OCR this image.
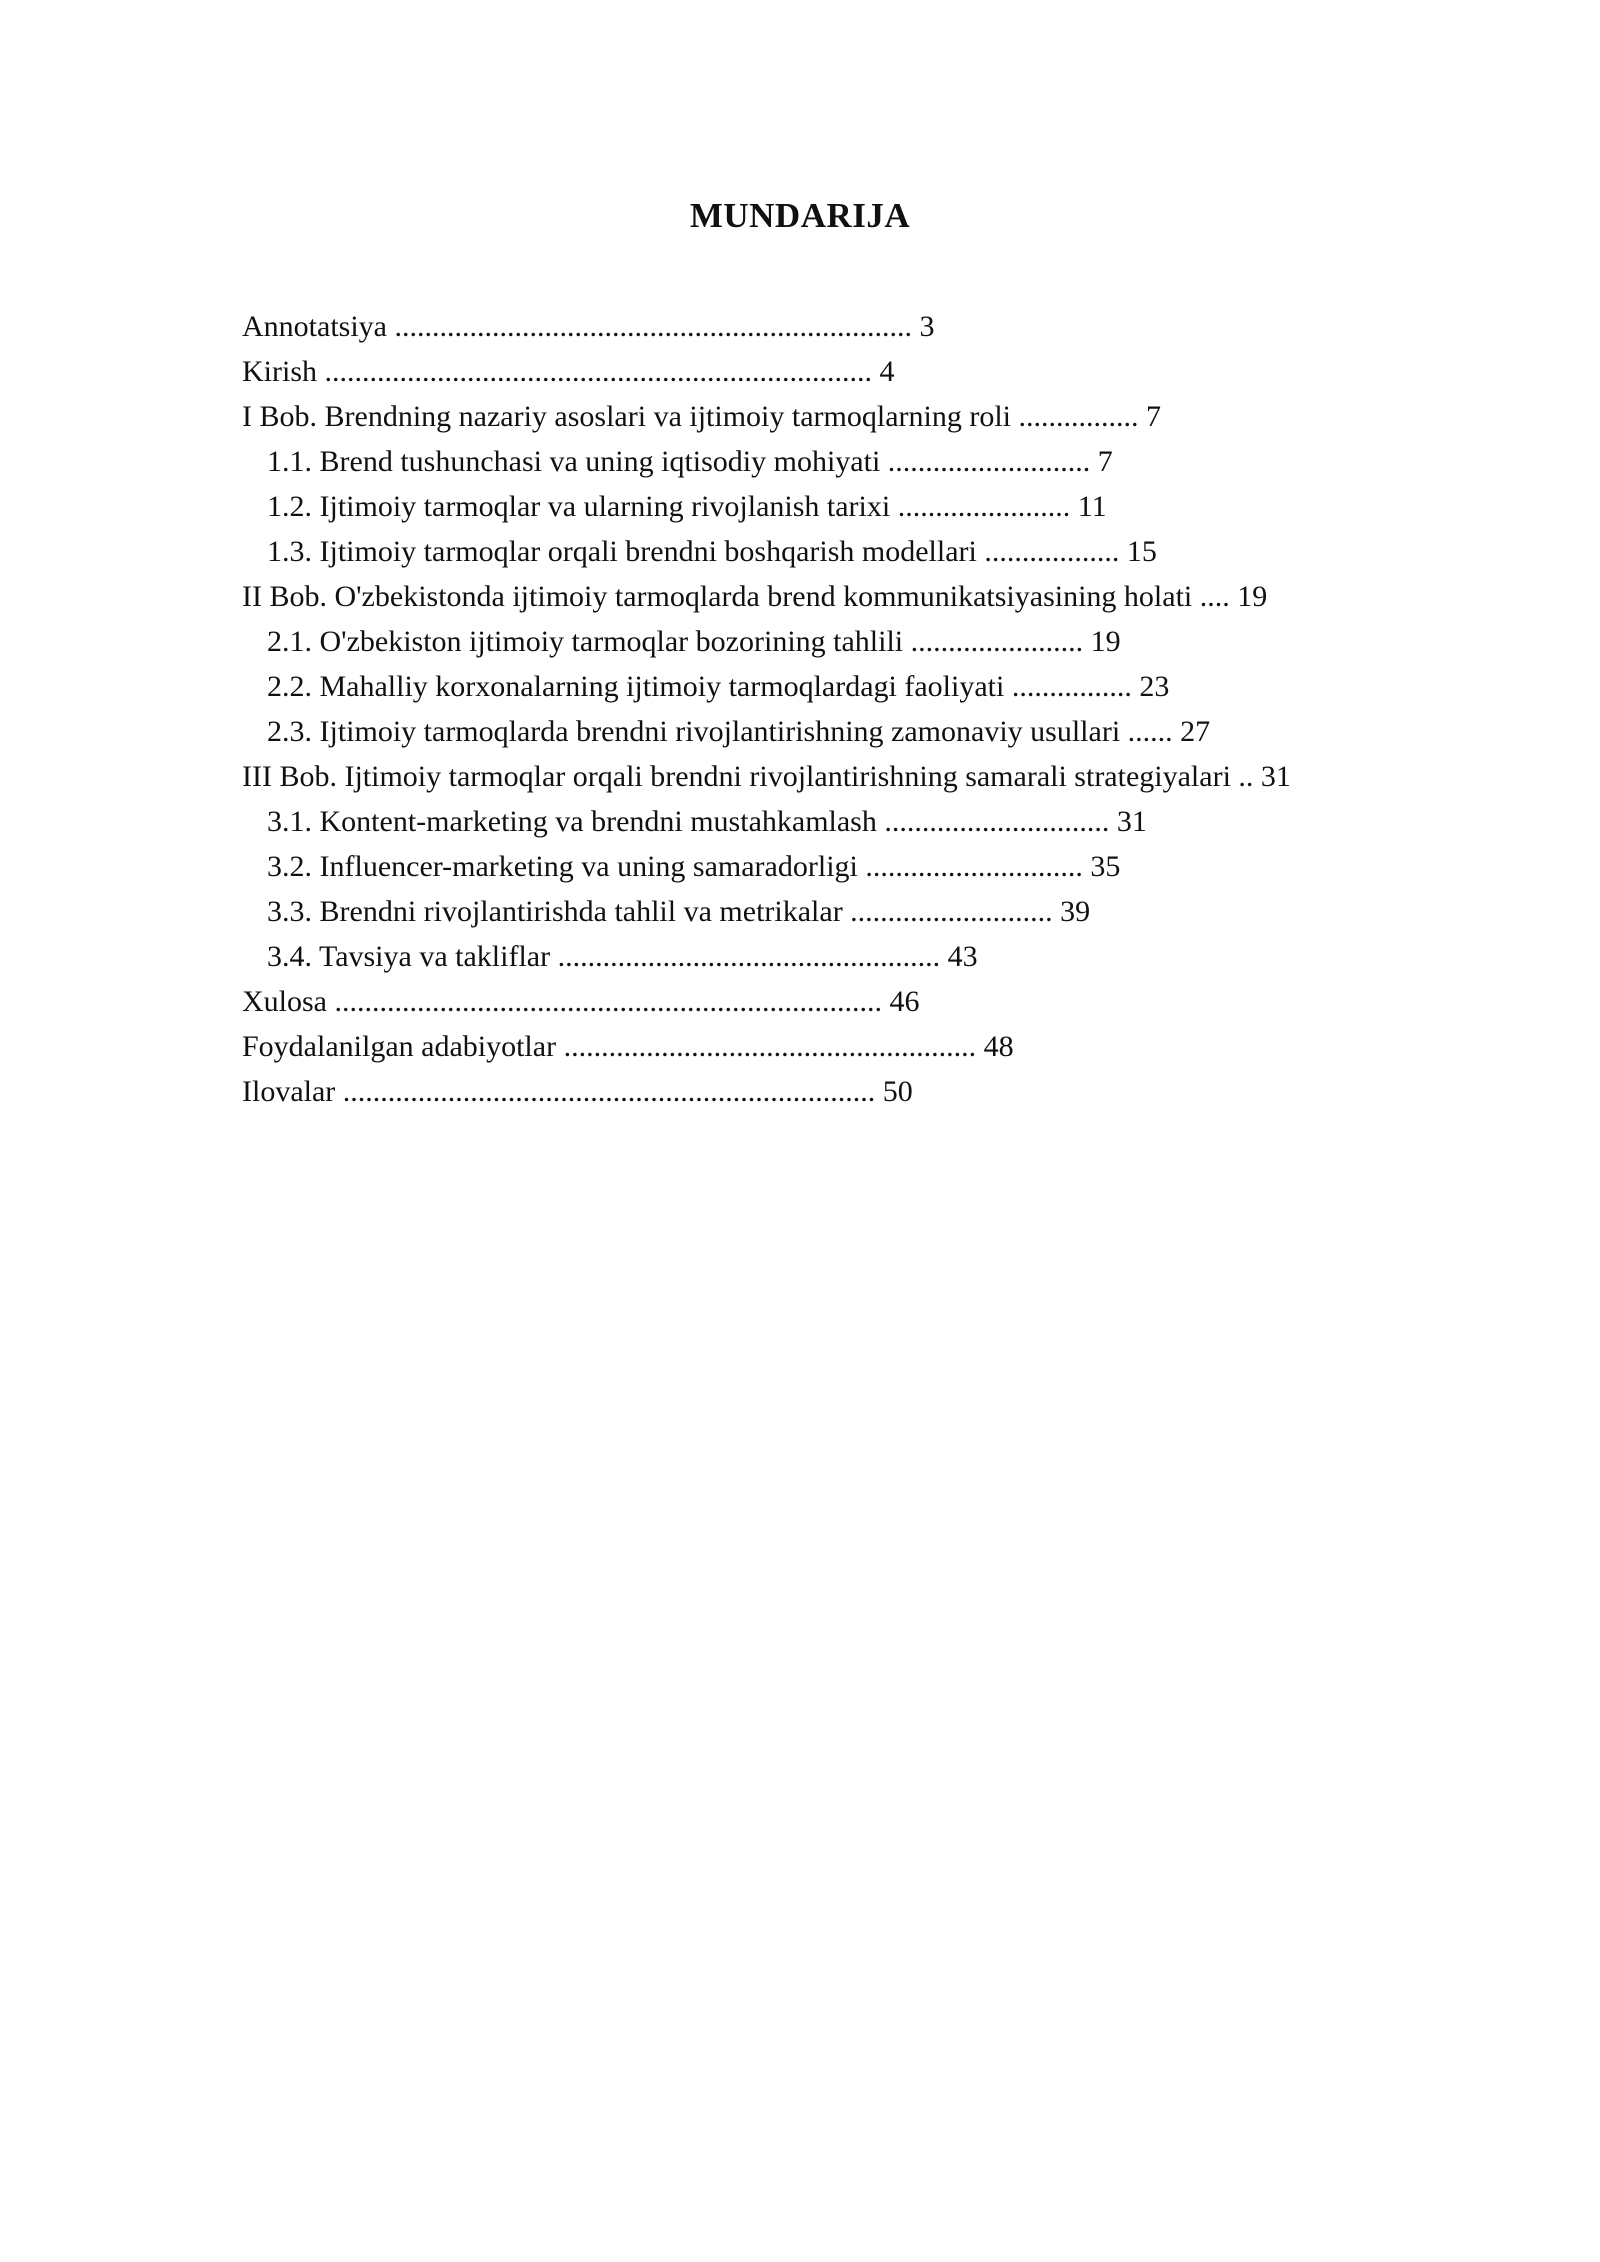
MUNDARIJA
Annotatsiya ..................................................................... 3
Kirish ......................................................................... 4
I Bob. Brendning nazariy asoslari va ijtimoiy tarmoqlarning roli ................ 7
1.1. Brend tushunchasi va uning iqtisodiy mohiyati ........................... 7
1.2. Ijtimoiy tarmoqlar va ularning rivojlanish tarixi ....................... 11
1.3. Ijtimoiy tarmoqlar orqali brendni boshqarish modellari .................. 15
II Bob. O'zbekistonda ijtimoiy tarmoqlarda brend kommunikatsiyasining holati .... 19
2.1. O'zbekiston ijtimoiy tarmoqlar bozorining tahlili ....................... 19
2.2. Mahalliy korxonalarning ijtimoiy tarmoqlardagi faoliyati ................ 23
2.3. Ijtimoiy tarmoqlarda brendni rivojlantirishning zamonaviy usullari ...... 27
III Bob. Ijtimoiy tarmoqlar orqali brendni rivojlantirishning samarali strategiyalari .. 31
3.1. Kontent-marketing va brendni mustahkamlash .............................. 31
3.2. Influencer-marketing va uning samaradorligi ............................. 35
3.3. Brendni rivojlantirishda tahlil va metrikalar ........................... 39
3.4. Tavsiya va takliflar ................................................... 43
Xulosa ......................................................................... 46
Foydalanilgan adabiyotlar ....................................................... 48
Ilovalar ....................................................................... 50
